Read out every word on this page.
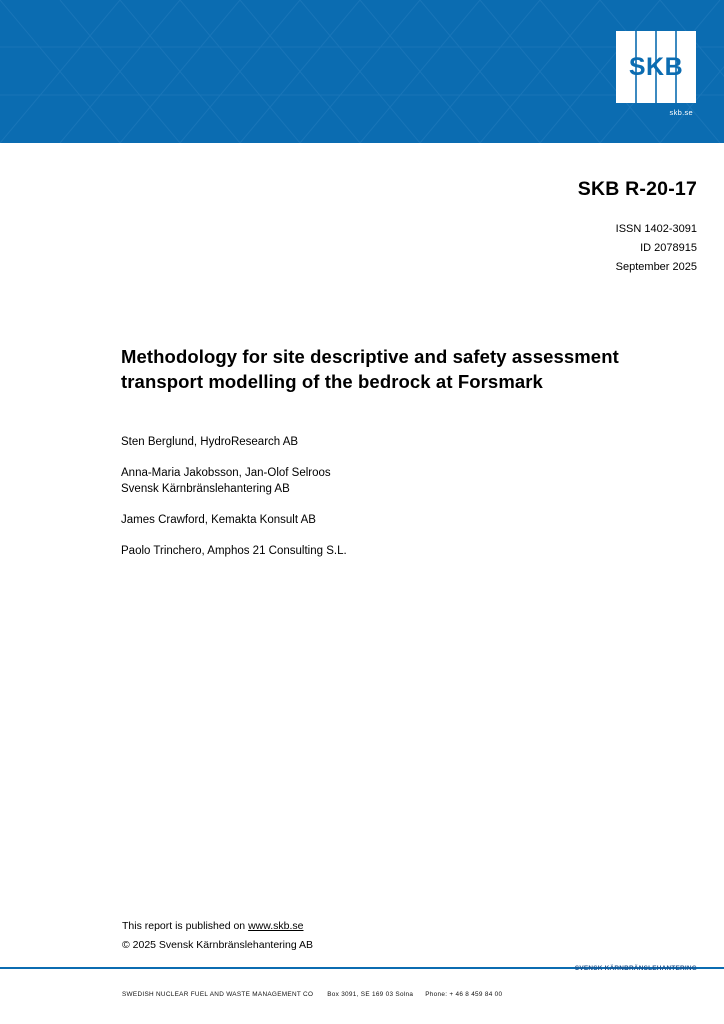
SKB
skb.se
SKB R-20-17
ISSN 1402-3091
ID 2078915
September 2025
Methodology for site descriptive and safety assessment transport modelling of the bedrock at Forsmark
Sten Berglund, HydroResearch AB
Anna-Maria Jakobsson, Jan-Olof Selroos
Svensk Kärnbränslehantering AB
James Crawford, Kemakta Konsult AB
Paolo Trinchero, Amphos 21 Consulting S.L.
This report is published on www.skb.se
© 2025 Svensk Kärnbränslehantering AB
SVENSK KÄRNBRÄNSLEHANTERING
SWEDISH NUCLEAR FUEL AND WASTE MANAGEMENT CO Box 3091, SE 169 03 Solna Phone: + 46 8 459 84 00
